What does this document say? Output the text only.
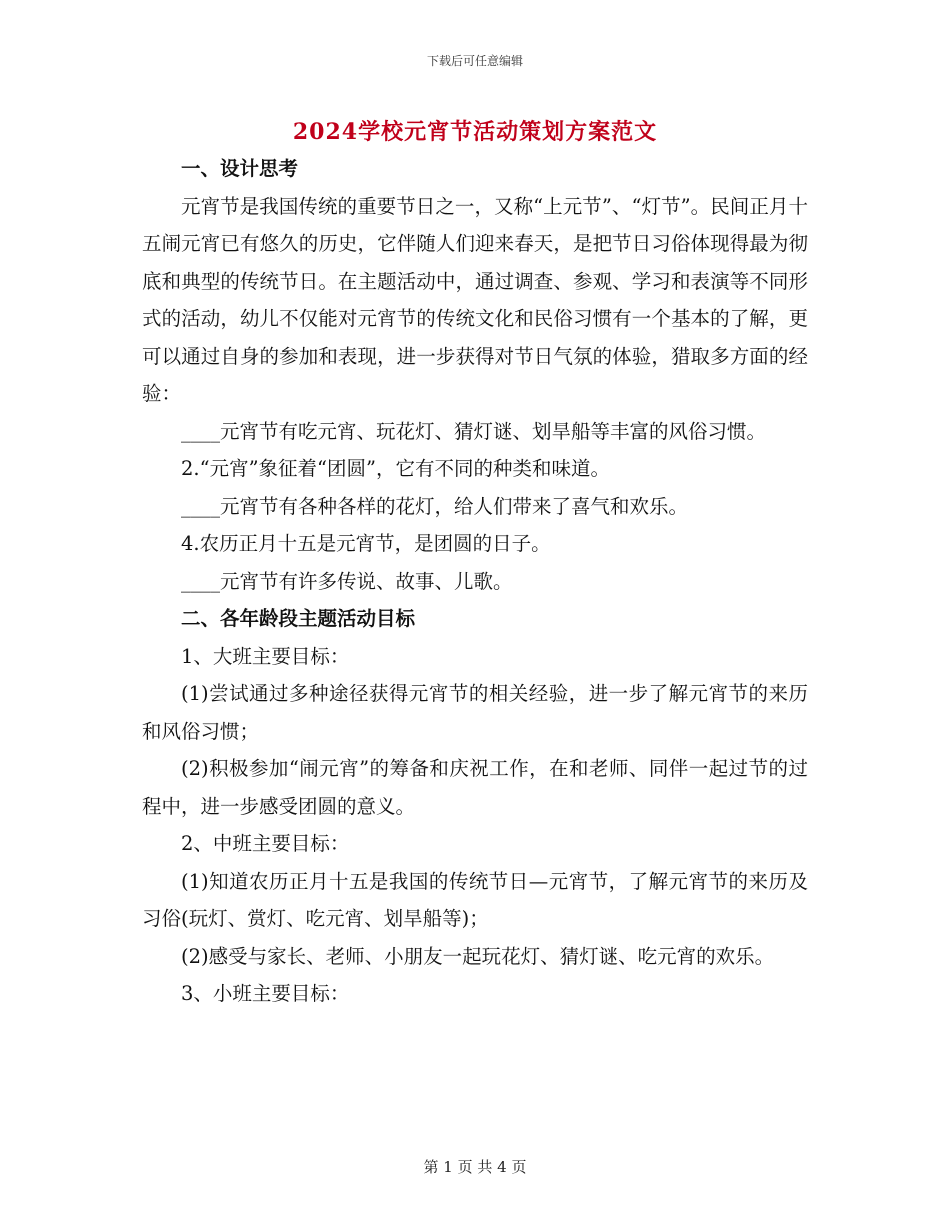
下载后可任意编辑
2024学校元宵节活动策划方案范文

一、设计思考

元宵节是我国传统的重要节日之一，又称“上元节”、“灯节”。民间正月十五闹元宵已有悠久的历史，它伴随人们迎来春天，是把节日习俗体现得最为彻底和典型的传统节日。在主题活动中，通过调查、参观、学习和表演等不同形式的活动，幼儿不仅能对元宵节的传统文化和民俗习惯有一个基本的了解，更可以通过自身的参加和表现，进一步获得对节日气氛的体验，猎取多方面的经验：

____元宵节有吃元宵、玩花灯、猜灯谜、划旱船等丰富的风俗习惯。

2.“元宵”象征着“团圆”，它有不同的种类和味道。

____元宵节有各种各样的花灯，给人们带来了喜气和欢乐。

4.农历正月十五是元宵节，是团圆的日子。

____元宵节有许多传说、故事、儿歌。

二、各年龄段主题活动目标

1、大班主要目标：

(1)尝试通过多种途径获得元宵节的相关经验，进一步了解元宵节的来历和风俗习惯；

(2)积极参加“闹元宵”的筹备和庆祝工作，在和老师、同伴一起过节的过程中，进一步感受团圆的意义。

2、中班主要目标：

(1)知道农历正月十五是我国的传统节日—元宵节，了解元宵节的来历及习俗(玩灯、赏灯、吃元宵、划旱船等)；

(2)感受与家长、老师、小朋友一起玩花灯、猜灯谜、吃元宵的欢乐。

3、小班主要目标：

第 1 页 共 4 页
